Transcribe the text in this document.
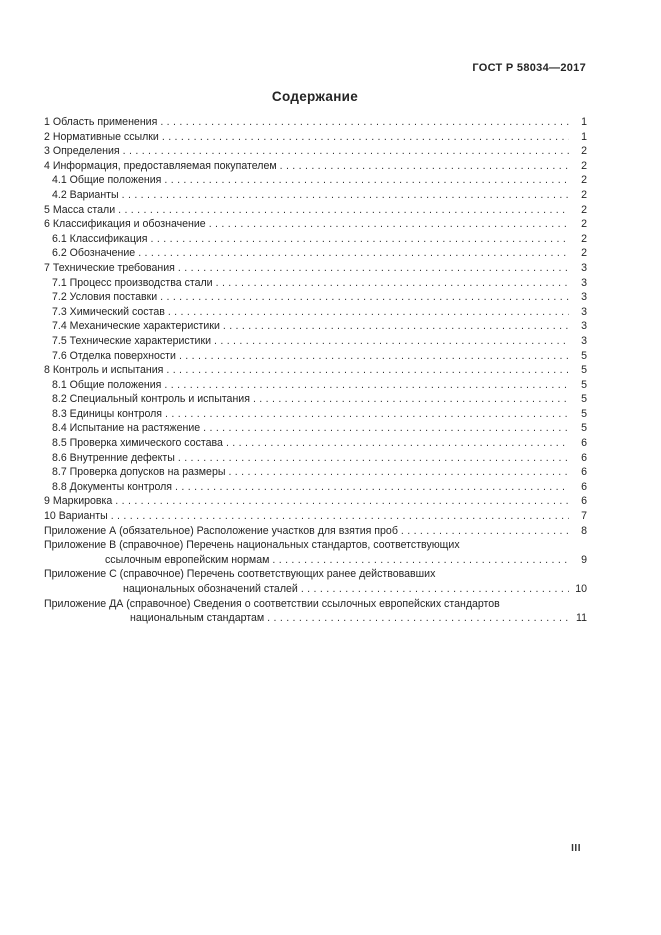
ГОСТ Р 58034—2017
Содержание
1 Область применения .....	1
2 Нормативные ссылки .....	1
3 Определения .....	2
4 Информация, предоставляемая покупателем .....	2
4.1 Общие положения .....	2
4.2 Варианты .....	2
5 Масса стали .....	2
6 Классификация и обозначение .....	2
6.1 Классификация .....	2
6.2 Обозначение .....	2
7 Технические требования .....	3
7.1 Процесс производства стали .....	3
7.2 Условия поставки .....	3
7.3 Химический состав .....	3
7.4 Механические характеристики .....	3
7.5 Технические характеристики .....	3
7.6 Отделка поверхности .....	5
8 Контроль и испытания .....	5
8.1 Общие положения .....	5
8.2 Специальный контроль и испытания .....	5
8.3 Единицы контроля .....	5
8.4 Испытание на растяжение .....	5
8.5 Проверка химического состава .....	6
8.6 Внутренние дефекты .....	6
8.7 Проверка допусков на размеры .....	6
8.8 Документы контроля .....	6
9 Маркировка .....	6
10 Варианты .....	7
Приложение А (обязательное) Расположение участков для взятия проб .....	8
Приложение В (справочное) Перечень национальных стандартов, соответствующих
ссылочным европейским нормам .....	9
Приложение С (справочное) Перечень соответствующих ранее действовавших
национальных обозначений сталей .....	10
Приложение ДА (справочное) Сведения о соответствии ссылочных европейских стандартов
национальным стандартам .....	11
III
